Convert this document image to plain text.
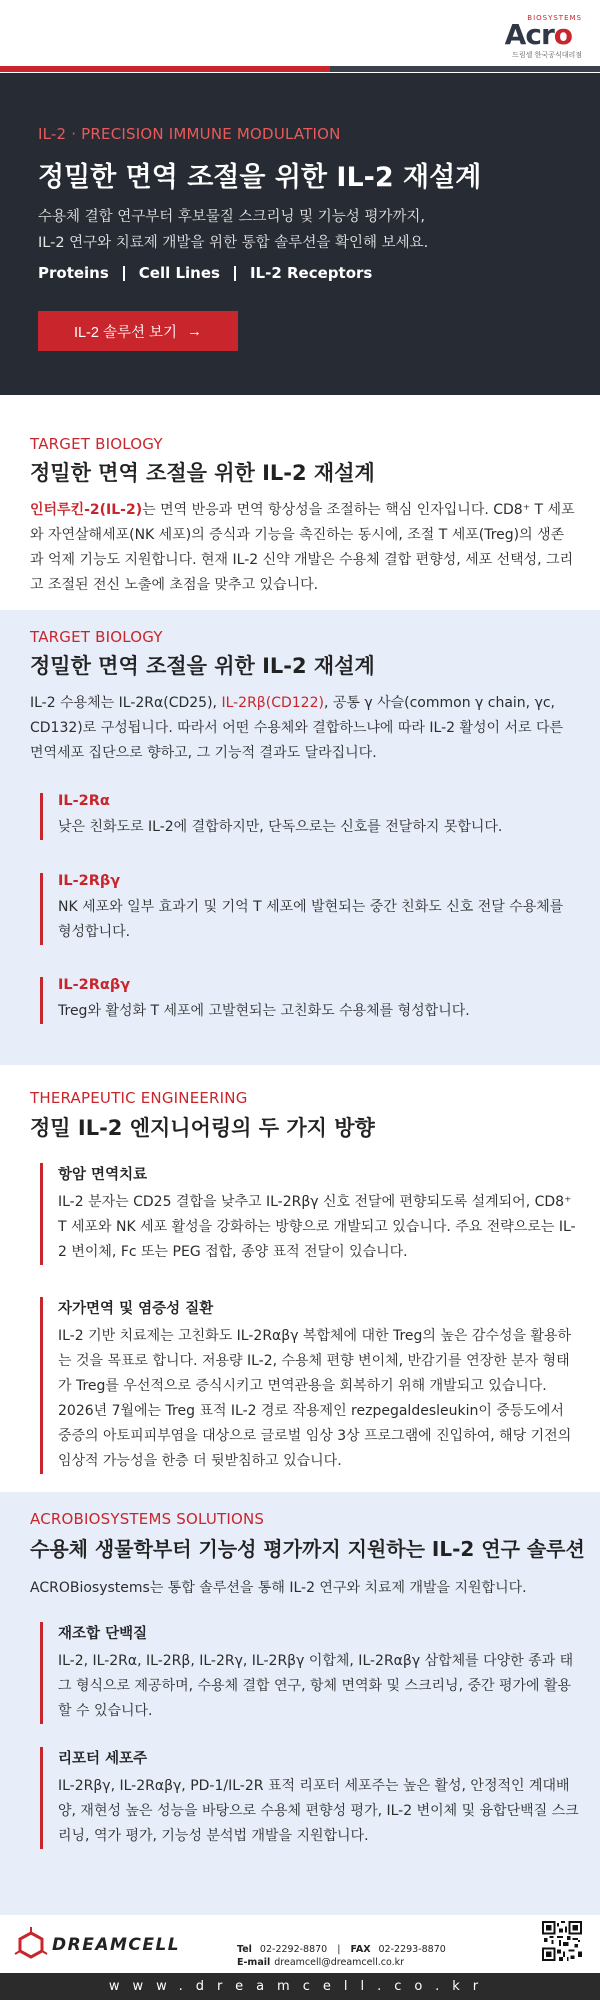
BIOSYSTEMS
Acro
드림셀 한국공식대리점
IL-2 · PRECISION IMMUNE MODULATION
정밀한 면역 조절을 위한 IL-2 재설계
수용체 결합 연구부터 후보물질 스크리닝 및 기능성 평가까지,
IL-2 연구와 치료제 개발을 위한 통합 솔루션을 확인해 보세요.
Proteins Cell Lines IL-2 Receptors
IL-2 솔루션 보기 →
TARGET BIOLOGY
정밀한 면역 조절을 위한 IL-2 재설계
인터루킨-2(IL-2)는 면역 반응과 면역 항상성을 조절하는 핵심 인자입니다. CD8⁺ T 세포와 자연살해세포(NK 세포)의 증식과 기능을 촉진하는 동시에, 조절 T 세포(Treg)의 생존과 억제 기능도 지원합니다. 현재 IL-2 신약 개발은 수용체 결합 편향성, 세포 선택성, 그리고 조절된 전신 노출에 초점을 맞추고 있습니다.
TARGET BIOLOGY
정밀한 면역 조절을 위한 IL-2 재설계
IL-2 수용체는 IL-2Rα(CD25), IL-2Rβ(CD122), 공통 γ 사슬(common γ chain, γc, CD132)로 구성됩니다. 따라서 어떤 수용체와 결합하느냐에 따라 IL-2 활성이 서로 다른 면역세포 집단으로 향하고, 그 기능적 결과도 달라집니다.
IL-2Rα
낮은 친화도로 IL-2에 결합하지만, 단독으로는 신호를 전달하지 못합니다.
IL-2Rβγ
NK 세포와 일부 효과기 및 기억 T 세포에 발현되는 중간 친화도 신호 전달 수용체를 형성합니다.
IL-2Rαβγ
Treg와 활성화 T 세포에 고발현되는 고친화도 수용체를 형성합니다.
THERAPEUTIC ENGINEERING
정밀 IL-2 엔지니어링의 두 가지 방향
항암 면역치료
IL-2 분자는 CD25 결합을 낮추고 IL-2Rβγ 신호 전달에 편향되도록 설계되어, CD8⁺ T 세포와 NK 세포 활성을 강화하는 방향으로 개발되고 있습니다. 주요 전략으로는 IL-2 변이체, Fc 또는 PEG 접합, 종양 표적 전달이 있습니다.
자가면역 및 염증성 질환
IL-2 기반 치료제는 고친화도 IL-2Rαβγ 복합체에 대한 Treg의 높은 감수성을 활용하는 것을 목표로 합니다. 저용량 IL-2, 수용체 편향 변이체, 반감기를 연장한 분자 형태가 Treg를 우선적으로 증식시키고 면역관용을 회복하기 위해 개발되고 있습니다. 2026년 7월에는 Treg 표적 IL-2 경로 작용제인 rezpegaldesleukin이 중등도에서 중증의 아토피피부염을 대상으로 글로벌 임상 3상 프로그램에 진입하여, 해당 기전의 임상적 가능성을 한층 더 뒷받침하고 있습니다.
ACROBIOSYSTEMS SOLUTIONS
수용체 생물학부터 기능성 평가까지 지원하는 IL-2 연구 솔루션
ACROBiosystems는 통합 솔루션을 통해 IL-2 연구와 치료제 개발을 지원합니다.
재조합 단백질
IL-2, IL-2Rα, IL-2Rβ, IL-2Rγ, IL-2Rβγ 이합체, IL-2Rαβγ 삼합체를 다양한 종과 태그 형식으로 제공하며, 수용체 결합 연구, 항체 면역화 및 스크리닝, 중간 평가에 활용할 수 있습니다.
리포터 세포주
IL-2Rβγ, IL-2Rαβγ, PD-1/IL-2R 표적 리포터 세포주는 높은 활성, 안정적인 계대배양, 재현성 높은 성능을 바탕으로 수용체 편향성 평가, IL-2 변이체 및 융합단백질 스크리닝, 역가 평가, 기능성 분석법 개발을 지원합니다.
DREAMCELL	Tel 02-2292-8870 | FAX 02-2293-8870
E-mail dreamcell@dreamcell.co.kr
www.dreamcell.co.kr
